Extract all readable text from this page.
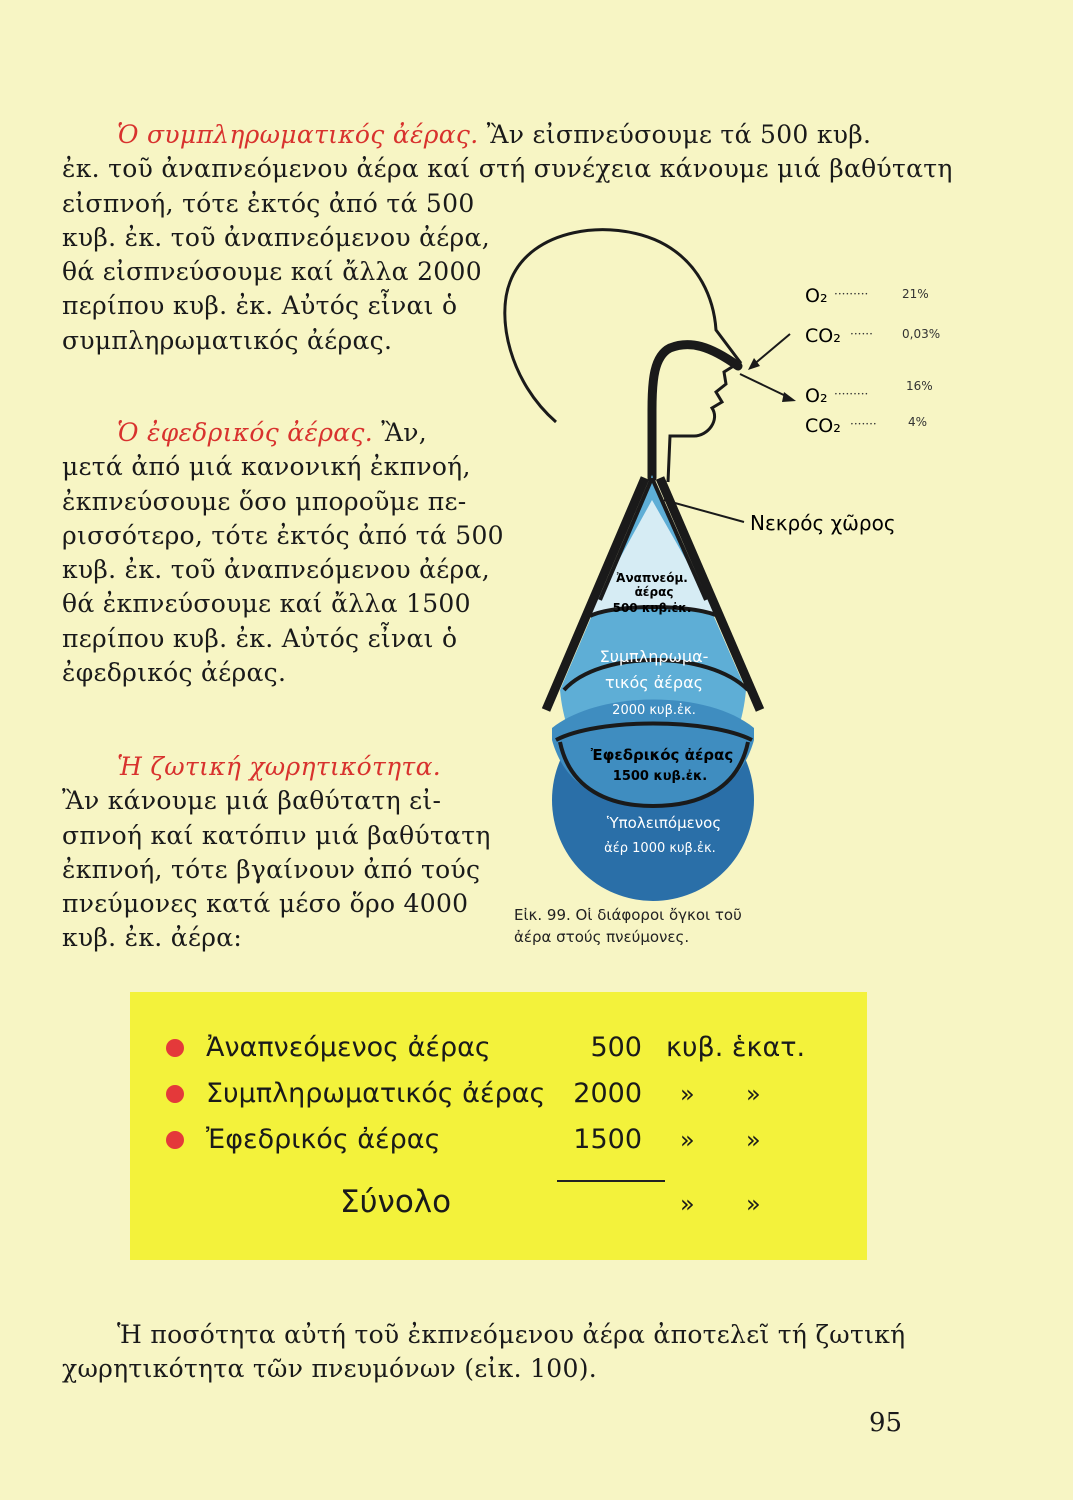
Ὁ συμπληρωματικός ἀέρας. Ἂν εἰσπνεύσουμε τά 500 κυβ.
ἐκ. τοῦ ἀναπνεόμενου ἀέρα καί στή συνέχεια κάνουμε μιά βαθύτατη
εἰσπνοή, τότε ἐκτός ἀπό τά 500
κυβ. ἐκ. τοῦ ἀναπνεόμενου ἀέρα,
θά εἰσπνεύσουμε καί ἄλλα 2000
περίπου κυβ. ἐκ. Αὐτός εἶναι ὁ
συμπληρωματικός ἀέρας.
Ὁ ἐφεδρικός ἀέρας. Ἂν,
μετά ἀπό μιά κανονική ἐκπνοή,
ἐκπνεύσουμε ὅσο μποροῦμε πε-
ρισσότερο, τότε ἐκτός ἀπό τά 500
κυβ. ἐκ. τοῦ ἀναπνεόμενου ἀέρα,
θά ἐκπνεύσουμε καί ἄλλα 1500
περίπου κυβ. ἐκ. Αὐτός εἶναι ὁ
ἐφεδρικός ἀέρας.
Ἡ ζωτική χωρητικότητα.
Ἂν κάνουμε μιά βαθύτατη εἰ-
σπνοή καί κατόπιν μιά βαθύτατη
ἐκπνοή, τότε βγαίνουν ἀπό τούς
πνεύμονες κατά μέσο ὅρο 4000
κυβ. ἐκ. ἀέρα:
O₂ ·········	21%
CO₂ ······ 0,03%
O₂ ·········
16%
CO₂ ·······	4%
Νεκρός χῶρος
Ἀναπνεόμ.
ἀέρας
500 κυβ.ἐκ.
Συμπληρωμα-
τικός ἀέρας
2000 κυβ.ἐκ.
Ἐφεδρικός ἀέρας
1500 κυβ.ἐκ.
Ὑπολειπόμενος
ἀέρ 1000 κυβ.ἐκ.
Εἰκ. 99. Οἱ διάφοροι ὄγκοι τοῦ
ἀέρα στούς πνεύμονες.
Ἀναπνεόμενος ἀέρας	500 κυβ. ἑκατ.
Συμπληρωματικός ἀέρας 2000 » »
Ἐφεδρικός ἀέρας	1500 » »
Σύνολο	» »
Ἡ ποσότητα αὐτή τοῦ ἐκπνεόμενου ἀέρα ἀποτελεῖ τή ζωτική
χωρητικότητα τῶν πνευμόνων (εἰκ. 100).
95
